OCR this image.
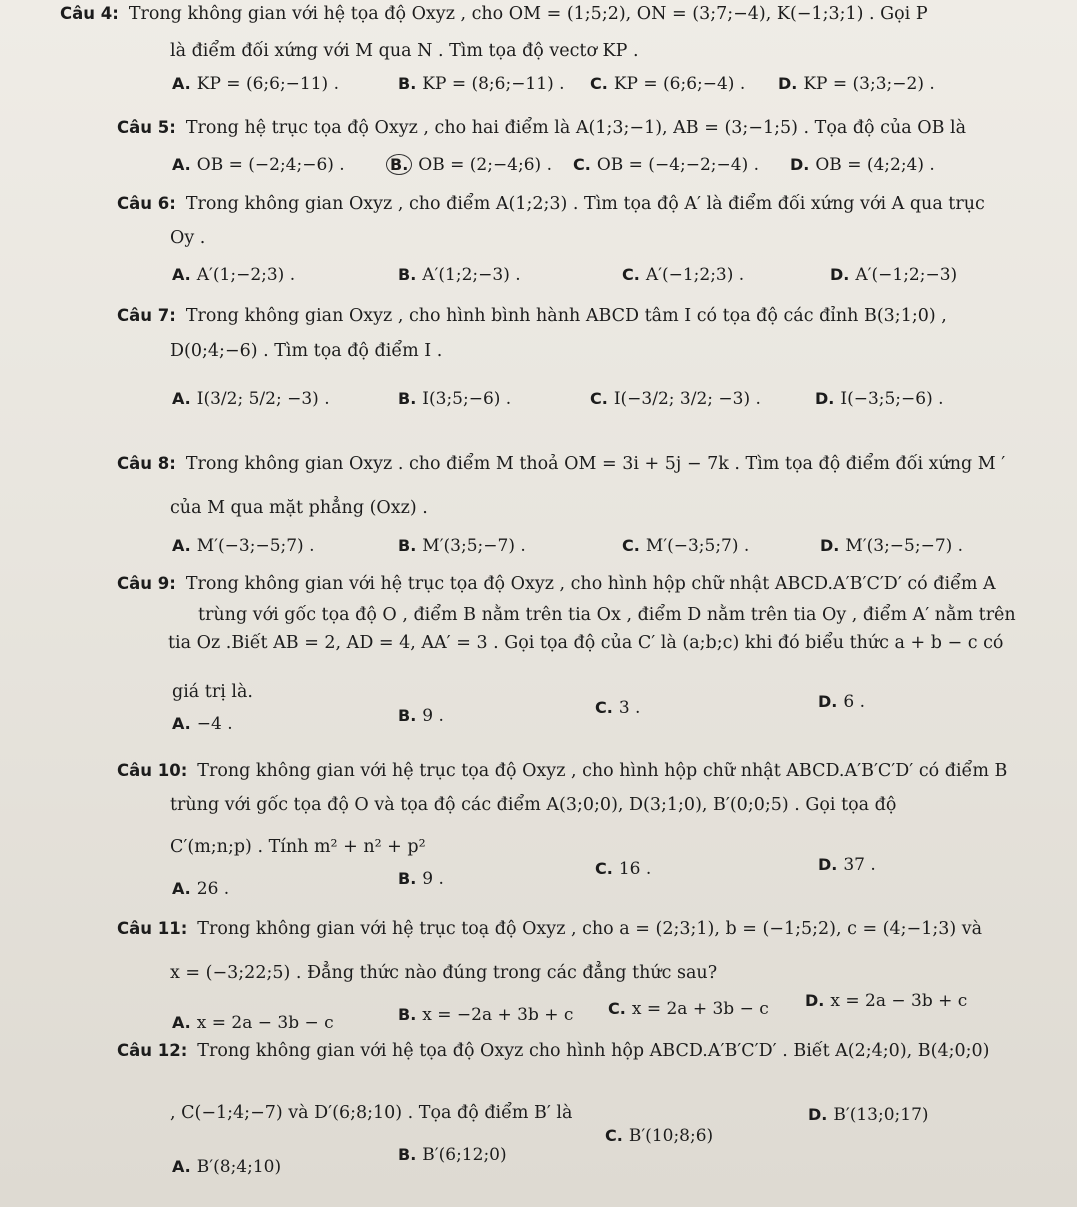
Câu 4: Trong không gian với hệ tọa độ Oxyz , cho OM = (1;5;2), ON = (3;7;−4), K(−1;3;1) . Gọi P
là điểm đối xứng với M qua N . Tìm tọa độ vectơ KP .
A. KP = (6;6;−11) .	B. KP = (8;6;−11) . C. KP = (6;6;−4) . D. KP = (3;3;−2) .
Câu 5: Trong hệ trục tọa độ Oxyz , cho hai điểm là A(1;3;−1), AB = (3;−1;5) . Tọa độ của OB là
A. OB = (−2;4;−6) .	B. OB = (2;−4;6) . C. OB = (−4;−2;−4) . D. OB = (4;2;4) .
Câu 6: Trong không gian Oxyz , cho điểm A(1;2;3) . Tìm tọa độ A′ là điểm đối xứng với A qua trục
Oy .
A. A′(1;−2;3) .	B. A′(1;2;−3) .	C. A′(−1;2;3) .	D. A′(−1;2;−3)
Câu 7: Trong không gian Oxyz , cho hình bình hành ABCD tâm I có tọa độ các đỉnh B(3;1;0) ,
D(0;4;−6) . Tìm tọa độ điểm I .
A. I(3/2; 5/2; −3) .	B. I(3;5;−6) .	C. I(−3/2; 3/2; −3) .	D. I(−3;5;−6) .
Câu 8: Trong không gian Oxyz . cho điểm M thoả OM = 3i + 5j − 7k . Tìm tọa độ điểm đối xứng M ′
của M qua mặt phẳng (Oxz) .
A. M′(−3;−5;7) .	B. M′(3;5;−7) .	C. M′(−3;5;7) .	D. M′(3;−5;−7) .
Câu 9: Trong không gian với hệ trục tọa độ Oxyz , cho hình hộp chữ nhật ABCD.A′B′C′D′ có điểm A
trùng với gốc tọa độ O , điểm B nằm trên tia Ox , điểm D nằm trên tia Oy , điểm A′ nằm trên
tia Oz .Biết AB = 2, AD = 4, AA′ = 3 . Gọi tọa độ của C′ là (a;b;c) khi đó biểu thức a + b − c có
giá trị là.
A. −4 .	B. 9 .	C. 3 .	D. 6 .
Câu 10: Trong không gian với hệ trục tọa độ Oxyz , cho hình hộp chữ nhật ABCD.A′B′C′D′ có điểm B
trùng với gốc tọa độ O và tọa độ các điểm A(3;0;0), D(3;1;0), B′(0;0;5) . Gọi tọa độ
C′(m;n;p) . Tính m² + n² + p²
A. 26 .
B. 9 .
C. 16 .	D. 37 .
Câu 11: Trong không gian với hệ trục toạ độ Oxyz , cho a = (2;3;1), b = (−1;5;2), c = (4;−1;3) và
x = (−3;22;5) . Đẳng thức nào đúng trong các đẳng thức sau?
A. x = 2a − 3b − c	B. x = −2a + 3b + c C. x = 2a + 3b − c D. x = 2a − 3b + c
Câu 12: Trong không gian với hệ tọa độ Oxyz cho hình hộp ABCD.A′B′C′D′ . Biết A(2;4;0), B(4;0;0)
, C(−1;4;−7) và D′(6;8;10) . Tọa độ điểm B′ là
A. B′(8;4;10)
B. B′(6;12;0)
C. B′(10;8;6)
D. B′(13;0;17)
